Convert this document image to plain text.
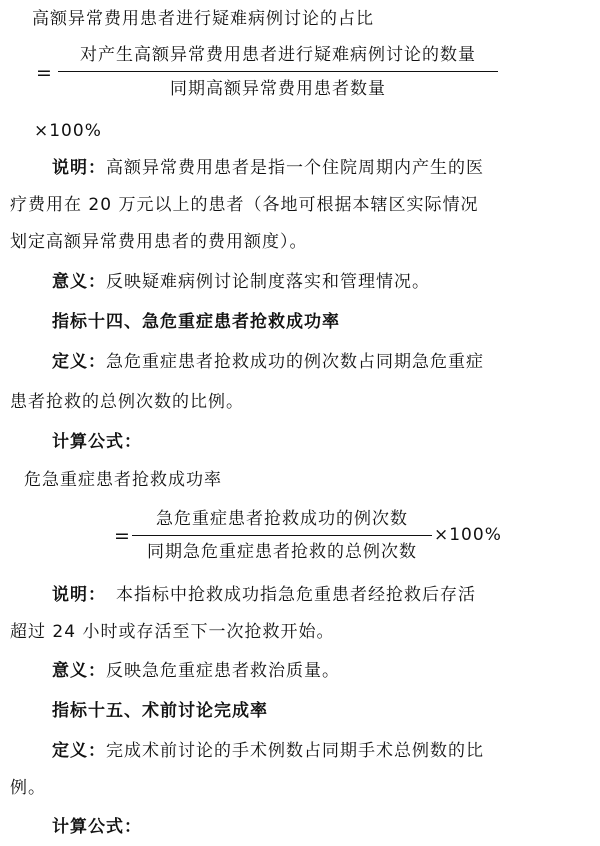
高额异常费用患者进行疑难病例讨论的占比
=
对产生高额异常费用患者进行疑难病例讨论的数量
同期高额异常费用患者数量
×100%
说明：高额异常费用患者是指一个住院周期内产生的医
疗费用在 20 万元以上的患者（各地可根据本辖区实际情况
划定高额异常费用患者的费用额度）。
意义：反映疑难病例讨论制度落实和管理情况。
指标十四、急危重症患者抢救成功率
定义：急危重症患者抢救成功的例次数占同期急危重症
患者抢救的总例次数的比例。
计算公式：
危急重症患者抢救成功率
=
急危重症患者抢救成功的例次数
同期急危重症患者抢救的总例次数
×100%
说明： 本指标中抢救成功指急危重患者经抢救后存活
超过 24 小时或存活至下一次抢救开始。
意义：反映急危重症患者救治质量。
指标十五、术前讨论完成率
定义：完成术前讨论的手术例数占同期手术总例数的比
例。
计算公式：
